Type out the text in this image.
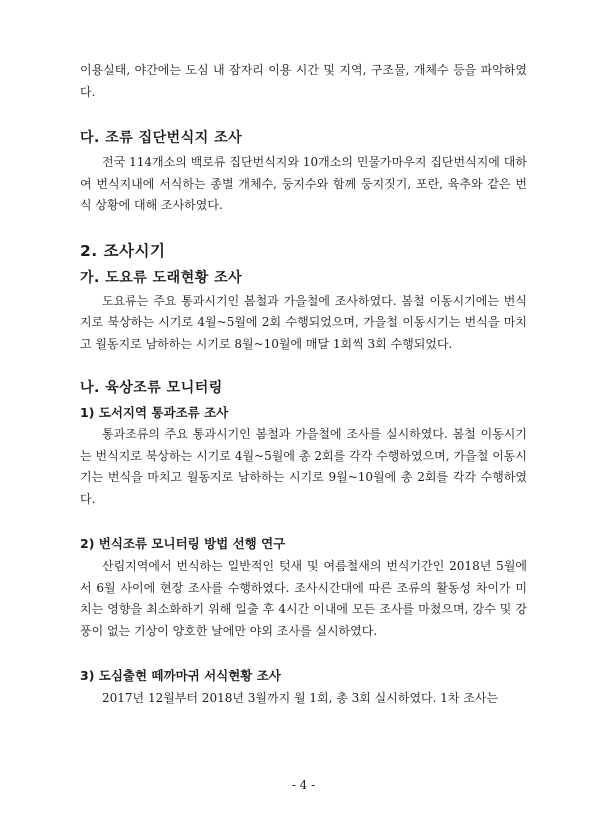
이용실태, 야간에는 도심 내 잠자리 이용 시간 및 지역, 구조물, 개체수 등을 파악하였다.

다. 조류 집단번식지 조사

전국 114개소의 백로류 집단번식지와 10개소의 민물가마우지 집단번식지에 대하여 번식지내에 서식하는 종별 개체수, 둥지수와 함께 둥지짓기, 포란, 육추와 같은 번식 상황에 대해 조사하였다.

2. 조사시기
가. 도요류 도래현황 조사

도요류는 주요 통과시기인 봄철과 가을철에 조사하였다. 봄철 이동시기에는 번식지로 북상하는 시기로 4월~5월에 2회 수행되었으며, 가을철 이동시기는 번식을 마치고 월동지로 남하하는 시기로 8월~10월에 매달 1회씩 3회 수행되었다.

나. 육상조류 모니터링
1) 도서지역 통과조류 조사

통과조류의 주요 통과시기인 봄철과 가을철에 조사를 실시하였다. 봄철 이동시기는 번식지로 북상하는 시기로 4월~5월에 총 2회를 각각 수행하였으며, 가을철 이동시기는 번식을 마치고 월동지로 남하하는 시기로 9월~10월에 총 2회를 각각 수행하였다.

2) 번식조류 모니터링 방법 선행 연구

산림지역에서 번식하는 일반적인 텃새 및 여름철새의 번식기간인 2018년 5월에서 6월 사이에 현장 조사를 수행하였다. 조사시간대에 따른 조류의 활동성 차이가 미치는 영향을 최소화하기 위해 일출 후 4시간 이내에 모든 조사를 마쳤으며, 강수 및 강풍이 없는 기상이 양호한 날에만 야외 조사를 실시하였다.

3) 도심출현 떼까마귀 서식현황 조사

2017년 12월부터 2018년 3월까지 월 1회, 총 3회 실시하였다. 1차 조사는

- 4 -
